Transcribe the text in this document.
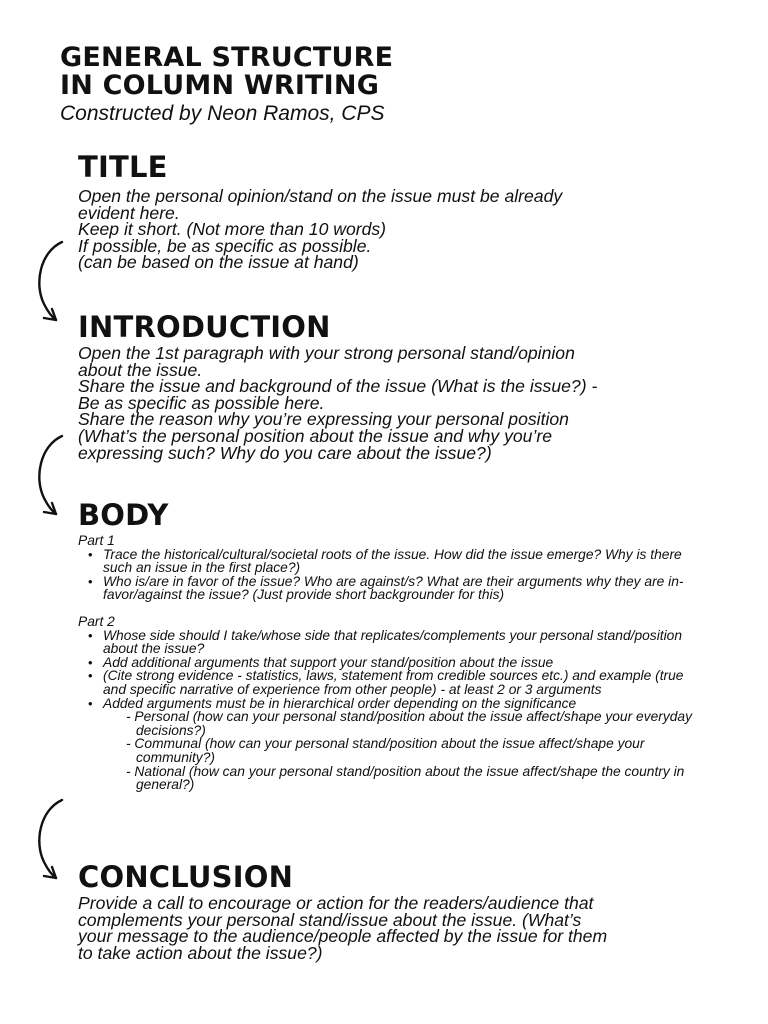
GENERAL STRUCTURE
IN COLUMN WRITING
Constructed by Neon Ramos, CPS
TITLE

Open the personal opinion/stand on the issue must be already
evident here.
Keep it short. (Not more than 10 words)
If possible, be as specific as possible.
(can be based on the issue at hand)

INTRODUCTION

Open the 1st paragraph with your strong personal stand/opinion
about the issue.
Share the issue and background of the issue (What is the issue?) -
Be as specific as possible here.
Share the reason why you’re expressing your personal position
(What’s the personal position about the issue and why you’re
expressing such? Why do you care about the issue?)

BODY

Part 1

• Trace the historical/cultural/societal roots of the issue. How did the issue emerge? Why is there such an issue in the first place?)
• Who is/are in favor of the issue? Who are against/s? What are their arguments why they are in-favor/against the issue? (Just provide short backgrounder for this)

Part 2

• Whose side should I take/whose side that replicates/complements your personal stand/position about the issue?
• Add additional arguments that support your stand/position about the issue
• (Cite strong evidence - statistics, laws, statement from credible sources etc.) and example (true and specific narrative of experience from other people) - at least 2 or 3 arguments
• Added arguments must be in hierarchical order depending on the significance
- Personal (how can your personal stand/position about the issue affect/shape your everyday decisions?)
- Communal (how can your personal stand/position about the issue affect/shape your community?)
- National (how can your personal stand/position about the issue affect/shape the country in general?)
CONCLUSION

Provide a call to encourage or action for the readers/audience that
complements your personal stand/issue about the issue. (What’s
your message to the audience/people affected by the issue for them
to take action about the issue?)
